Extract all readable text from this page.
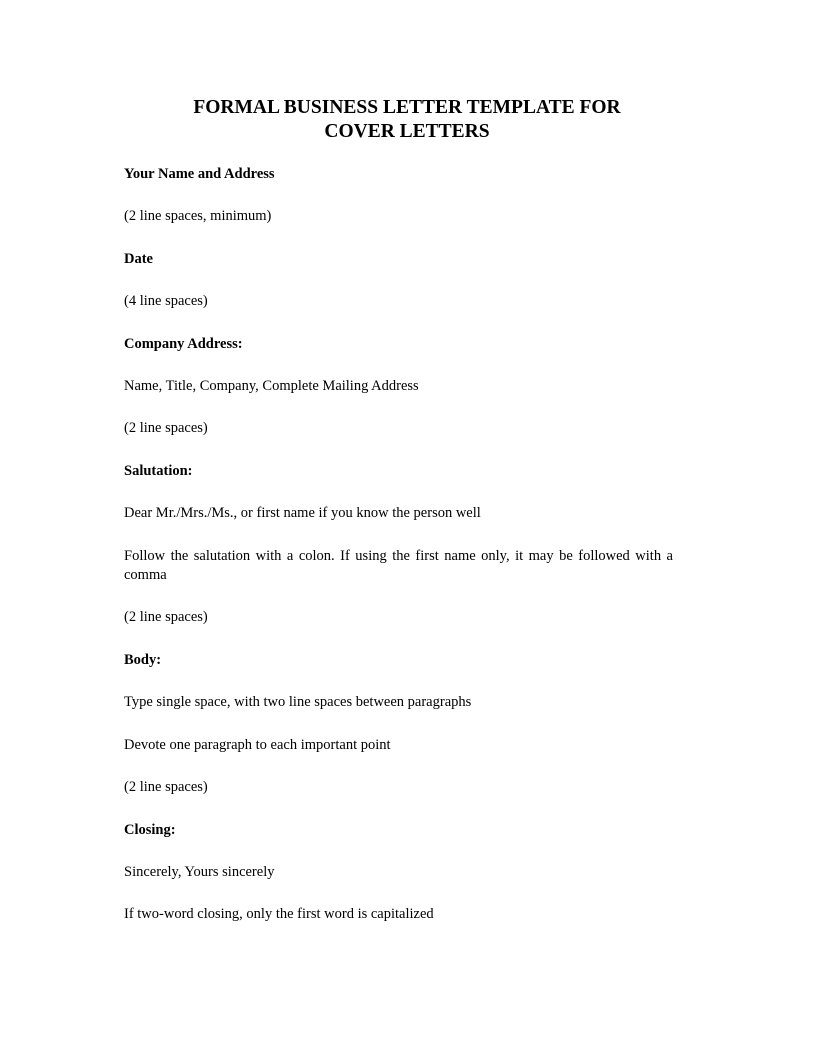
FORMAL BUSINESS LETTER TEMPLATE FOR
COVER LETTERS

Your Name and Address

(2 line spaces, minimum)

Date

(4 line spaces)

Company Address:

Name, Title, Company, Complete Mailing Address

(2 line spaces)

Salutation:

Dear Mr./Mrs./Ms., or first name if you know the person well

Follow the salutation with a colon. If using the first name only, it may be followed with a comma

(2 line spaces)

Body:

Type single space, with two line spaces between paragraphs

Devote one paragraph to each important point

(2 line spaces)

Closing:

Sincerely, Yours sincerely

If two-word closing, only the first word is capitalized
